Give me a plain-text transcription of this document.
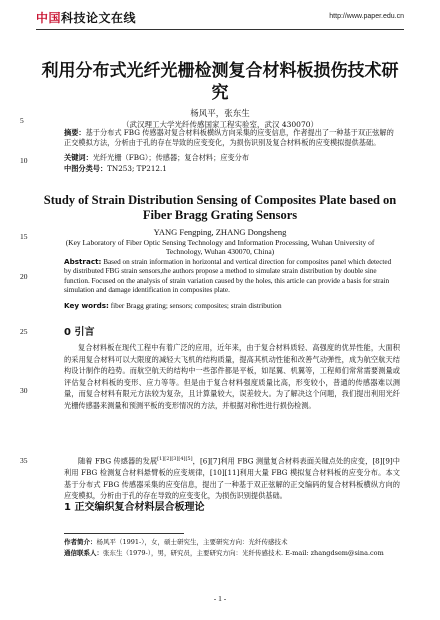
中国科技论文在线	http://www.paper.edu.cn
利用分布式光纤光栅检测复合材料板损伤技术研究
杨风平，张东生
（武汉理工大学光纤传感国家工程实验室，武汉 430070）
摘要：基于分布式 FBG 传感器对复合材料板横纵方向采集的应变信息，作者提出了一种基于双正弦解的正交模拟方法，分析由于孔的存在导致的应变变化，为损伤识别及复合材料板的应变模拟提供基础。
关键词：光纤光栅（FBG）；传感器；复合材料；应变分布
中图分类号：TN253; TP212.1
5
10
15
20
25
30
35
Study of Strain Distribution Sensing of Composites Plate based on Fiber Bragg Grating Sensors
YANG Fengping, ZHANG Dongsheng
(Key Laboratory of Fiber Optic Sensing Technology and Information Processing, Wuhan University of Technology, Wuhan 430070, China)
Abstract: Based on strain information in horizontal and vertical direction for composites panel which detected by distributed FBG strain sensors,the authors propose a method to simulate strain distribution by double sine function. Focused on the analysis of strain variation caused by the holes, this article can provide a basis for strain simulation and damage identification in composites plate.
Key words: fiber Bragg grating; sensors; composites; strain distribution
0 引言
复合材料板在现代工程中有着广泛的应用，近年来，由于复合材料质轻、高强度的优异性能，大面积的采用复合材料可以大限度的减轻大飞机的结构质量，提高其机动性能和改善气动弹性，成为航空航天结构设计制作的趋势。而航空航天的结构中一些部件都是平板，如尾翼、机翼等，工程师们常常需要测量或评估复合材料板的变形、应力等等。但是由于复合材料强度质量比高，形变较小，普通的传感器难以测量，而复合材料有限元方法较为复杂，且计算量较大，误差较大。为了解决这个问题，我们提出利用光纤光栅传感器来测量和预测平板的变形情况的方法，并根据对称性进行损伤检测。
随着 FBG 传感器的发展[1][2][3][4][5]，[6][7]利用 FBG 测量复合材料表面关键点处的应变，[8][9]中利用 FBG 检测复合材料悬臂板的应变规律，[10][11]利用大量 FBG 模拟复合材料板的应变分布。本文基于分布式 FBG 传感器采集的应变信息，提出了一种基于双正弦解的正交编码的复合材料板横纵方向的应变模拟，分析由于孔的存在导致的应变变化，为损伤识别提供基础。
1 正交编织复合材料层合板理论
作者简介：杨风平（1991-），女，硕士研究生，主要研究方向：光纤传感技术
通信联系人：张东生（1979-），男，研究员，主要研究方向：光纤传感技术. E-mail: zhangdsem@sina.com
- 1 -
